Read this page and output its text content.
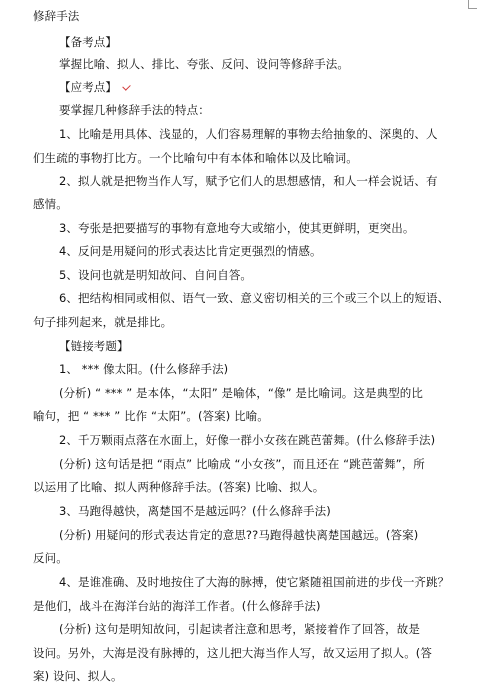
修辞手法

【备考点】

掌握比喻、拟人、排比、夸张、反问、设问等修辞手法。

【应考点】

要掌握几种修辞手法的特点：

1、比喻是用具体、浅显的，人们容易理解的事物去给抽象的、深奥的、人

们生疏的事物打比方。一个比喻句中有本体和喻体以及比喻词。

2、拟人就是把物当作人写，赋予它们人的思想感情，和人一样会说话、有

感情。

3、夸张是把要描写的事物有意地夸大或缩小，使其更鲜明，更突出。

4、反问是用疑问的形式表达比肯定更强烈的情感。

5、设问也就是明知故问、自问自答。

6、把结构相同或相似、语气一致、意义密切相关的三个或三个以上的短语、

句子排列起来，就是排比。

【链接考题】

1、 *** 像太阳。(什么修辞手法)

(分析) “ *** ” 是本体，“太阳” 是喻体，“像” 是比喻词。这是典型的比

喻句，把 “ *** ” 比作 “太阳”。(答案) 比喻。

2、千万颗雨点落在水面上，好像一群小女孩在跳芭蕾舞。(什么修辞手法)

(分析) 这句话是把 “雨点” 比喻成 “小女孩”，而且还在 “跳芭蕾舞”，所

以运用了比喻、拟人两种修辞手法。(答案) 比喻、拟人。

3、马跑得越快，离楚国不是越远吗？(什么修辞手法)

(分析) 用疑问的形式表达肯定的意思??马跑得越快离楚国越远。(答案)

反问。

4、是谁准确、及时地按住了大海的脉搏，使它紧随祖国前进的步伐一齐跳？

是他们，战斗在海洋台站的海洋工作者。(什么修辞手法)

(分析) 这句是明知故问，引起读者注意和思考，紧接着作了回答，故是

设问。另外，大海是没有脉搏的，这儿把大海当作人写，故又运用了拟人。(答

案) 设问、拟人。
